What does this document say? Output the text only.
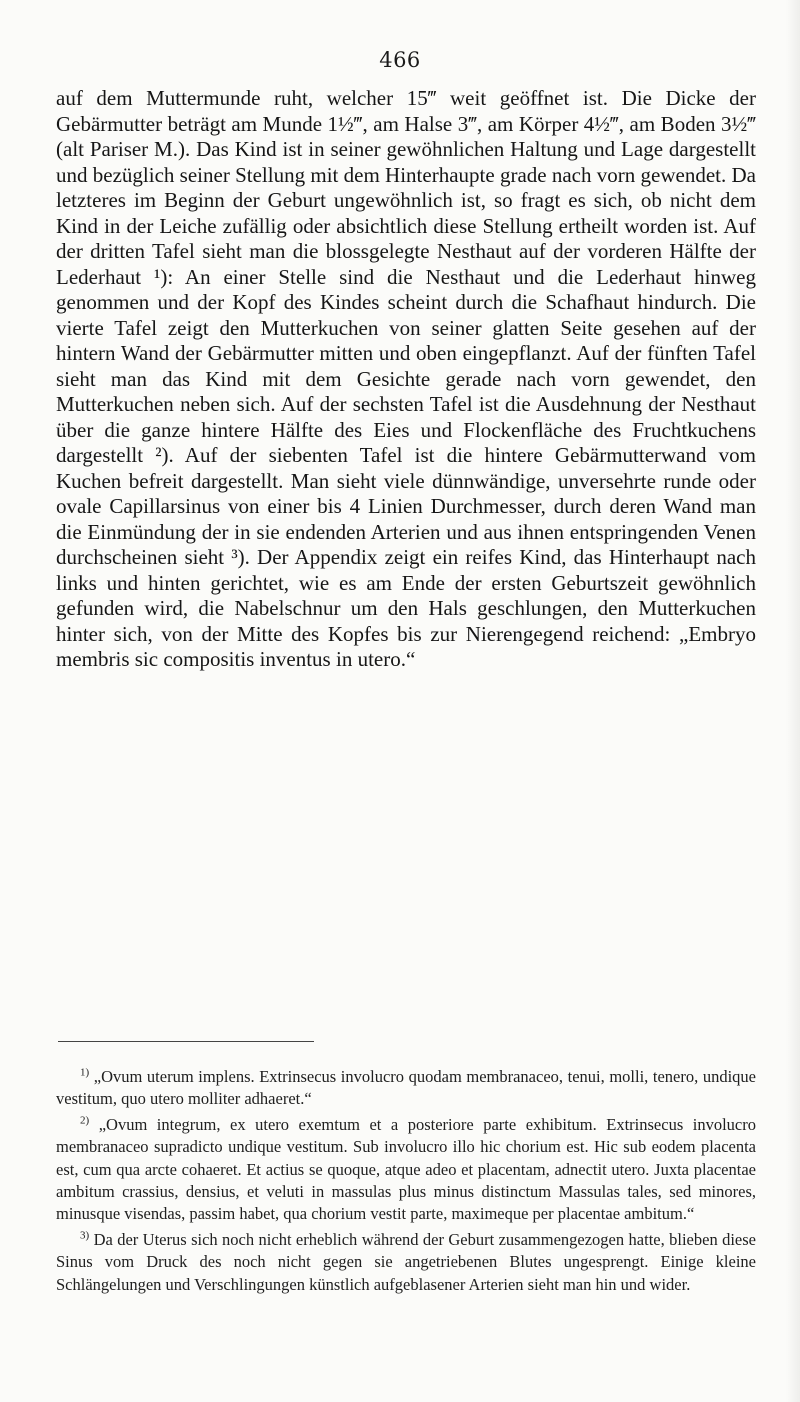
466

auf dem Muttermunde ruht, welcher 15‴ weit geöffnet ist. Die Dicke der Gebärmutter beträgt am Munde 1½‴, am Halse 3‴, am Körper 4½‴, am Boden 3½‴ (alt Pariser M.). Das Kind ist in seiner gewöhnlichen Haltung und Lage dargestellt und bezüglich seiner Stellung mit dem Hinterhaupte grade nach vorn gewendet. Da letzteres im Beginn der Geburt ungewöhnlich ist, so fragt es sich, ob nicht dem Kind in der Leiche zufällig oder absichtlich diese Stellung ertheilt worden ist. Auf der dritten Tafel sieht man die blossgelegte Nesthaut auf der vorderen Hälfte der Lederhaut ¹): An einer Stelle sind die Nesthaut und die Lederhaut hinweg genommen und der Kopf des Kindes scheint durch die Schafhaut hindurch. Die vierte Tafel zeigt den Mutterkuchen von seiner glatten Seite gesehen auf der hintern Wand der Gebärmutter mitten und oben eingepflanzt. Auf der fünften Tafel sieht man das Kind mit dem Gesichte gerade nach vorn gewendet, den Mutterkuchen neben sich. Auf der sechsten Tafel ist die Ausdehnung der Nesthaut über die ganze hintere Hälfte des Eies und Flockenfläche des Fruchtkuchens dargestellt ²). Auf der siebenten Tafel ist die hintere Gebärmutterwand vom Kuchen befreit dargestellt. Man sieht viele dünnwändige, unversehrte runde oder ovale Capillarsinus von einer bis 4 Linien Durchmesser, durch deren Wand man die Einmündung der in sie endenden Arterien und aus ihnen entspringenden Venen durchscheinen sieht ³). Der Appendix zeigt ein reifes Kind, das Hinterhaupt nach links und hinten gerichtet, wie es am Ende der ersten Geburtszeit gewöhnlich gefunden wird, die Nabelschnur um den Hals geschlungen, den Mutterkuchen hinter sich, von der Mitte des Kopfes bis zur Nierengegend reichend: „Embryo membris sic compositis inventus in utero.“

$^{1)}$ „Ovum uterum implens. Extrinsecus involucro quodam membranaceo, tenui, molli, tenero, undique vestitum, quo utero molliter adhaeret.“

$^{2)}$ „Ovum integrum, ex utero exemtum et a posteriore parte exhibitum. Extrinsecus involucro membranaceo supradicto undique vestitum. Sub involucro illo hic chorium est. Hic sub eodem placenta est, cum qua arcte cohaeret. Et actius se quoque, atque adeo et placentam, adnectit utero. Juxta placentae ambitum crassius, densius, et veluti in massulas plus minus distinctum Massulas tales, sed minores, minusque visendas, passim habet, qua chorium vestit parte, maximeque per placentae ambitum.“

$^{3)}$ Da der Uterus sich noch nicht erheblich während der Geburt zusammengezogen hatte, blieben diese Sinus vom Druck des noch nicht gegen sie angetriebenen Blutes ungesprengt. Einige kleine Schlängelungen und Verschlingungen künstlich aufgeblasener Arterien sieht man hin und wider.
